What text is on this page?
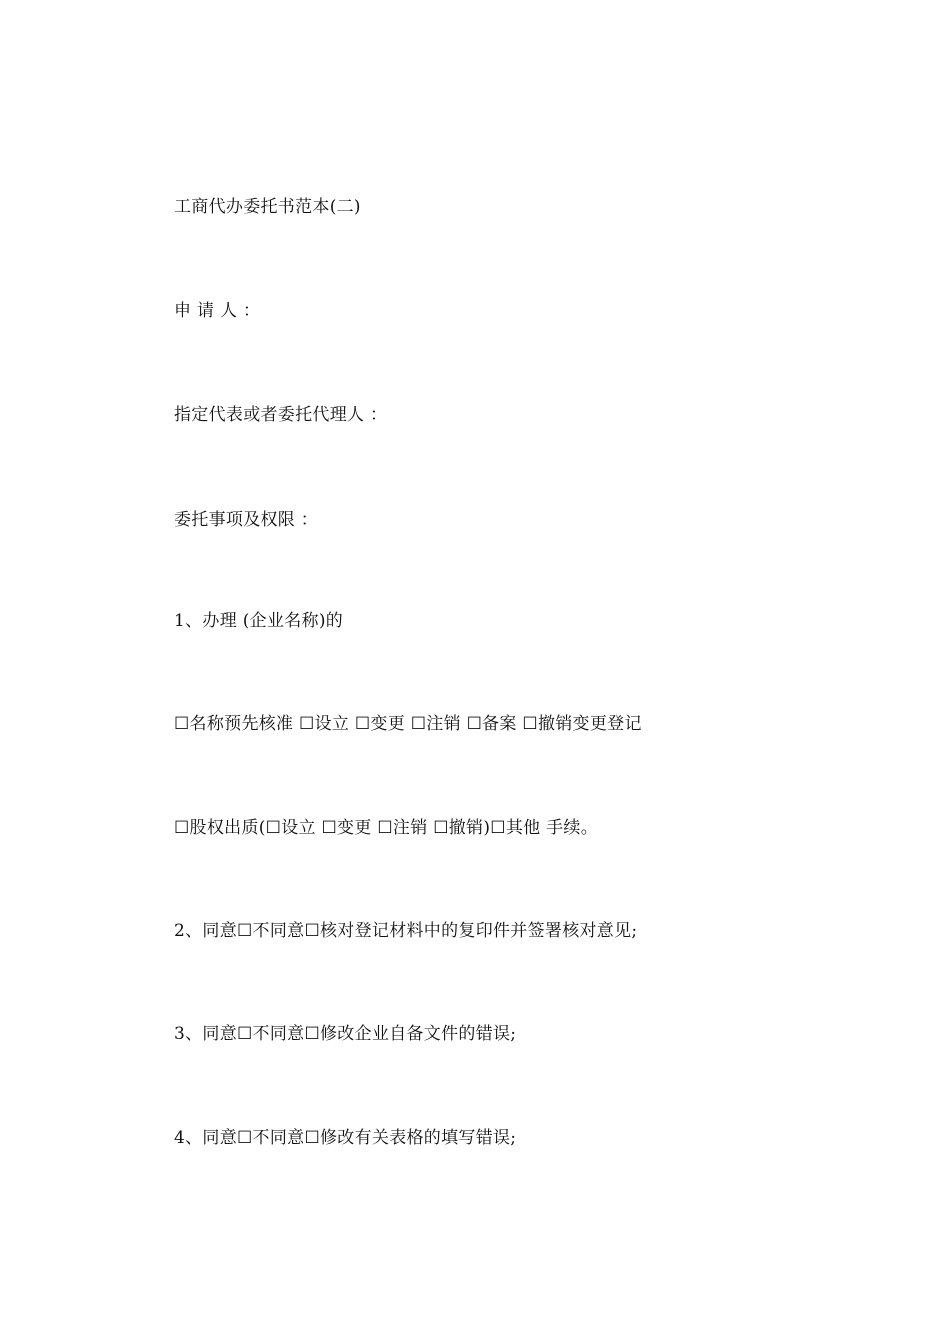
工商代办委托书范本(二)
申 请 人 ：
指定代表或者委托代理人 ：
委托事项及权限 ：
1、办理 (企业名称)的
☐名称预先核准 ☐设立 ☐变更 ☐注销 ☐备案 ☐撤销变更登记
☐股权出质(☐设立 ☐变更 ☐注销 ☐撤销)☐其他 手续。
2、同意☐不同意☐核对登记材料中的复印件并签署核对意见;
3、同意☐不同意☐修改企业自备文件的错误;
4、同意☐不同意☐修改有关表格的填写错误;
